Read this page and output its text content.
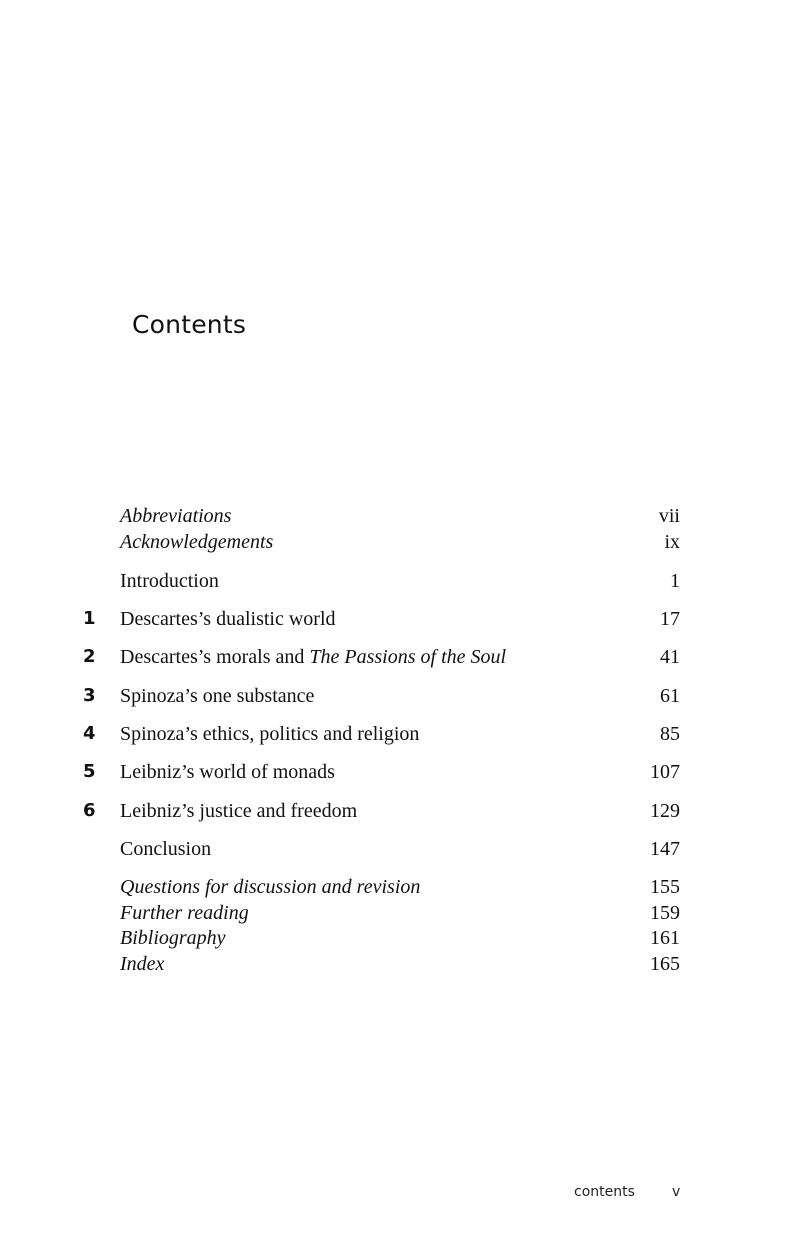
Contents
Abbreviations	vii
Acknowledgements	ix
Introduction	1
1 Descartes’s dualistic world	17
2 Descartes’s morals and The Passions of the Soul	41
3 Spinoza’s one substance	61
4 Spinoza’s ethics, politics and religion	85
5 Leibniz’s world of monads	107
6 Leibniz’s justice and freedom	129
Conclusion	147
Questions for discussion and revision	155
Further reading	159
Bibliography	161
Index	165
contents	v
